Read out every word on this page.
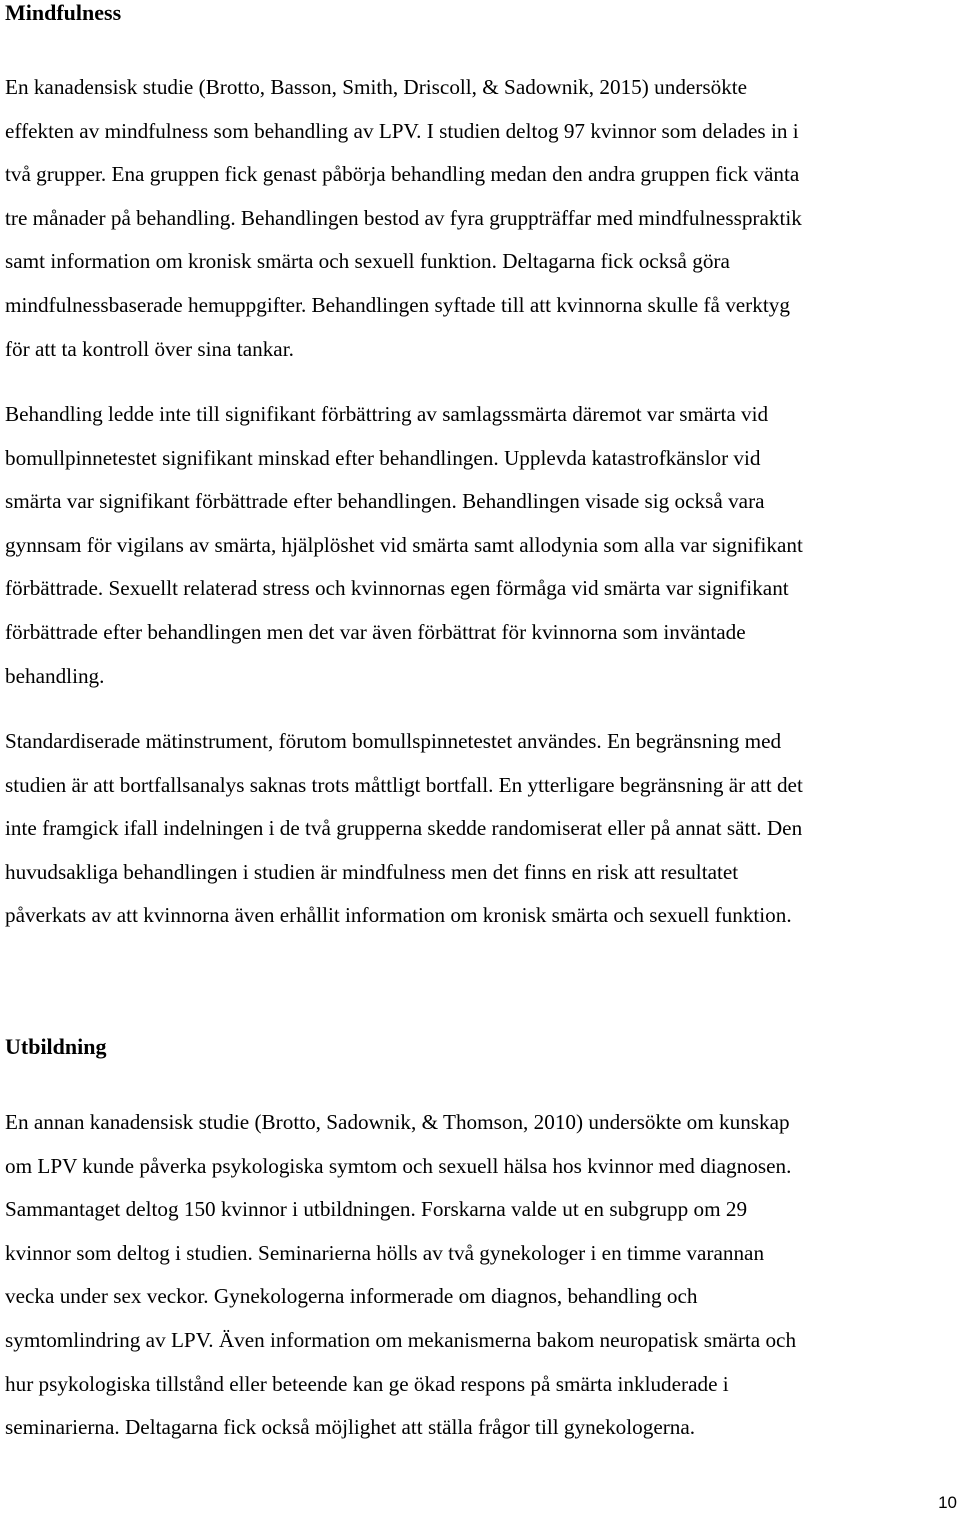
Mindfulness
En kanadensisk studie (Brotto, Basson, Smith, Driscoll, & Sadownik, 2015) undersökte
effekten av mindfulness som behandling av LPV. I studien deltog 97 kvinnor som delades in i
två grupper. Ena gruppen fick genast påbörja behandling medan den andra gruppen fick vänta
tre månader på behandling. Behandlingen bestod av fyra gruppträffar med mindfulnesspraktik
samt information om kronisk smärta och sexuell funktion. Deltagarna fick också göra
mindfulnessbaserade hemuppgifter. Behandlingen syftade till att kvinnorna skulle få verktyg
för att ta kontroll över sina tankar.
Behandling ledde inte till signifikant förbättring av samlagssmärta däremot var smärta vid
bomullpinnetestet signifikant minskad efter behandlingen. Upplevda katastrofkänslor vid
smärta var signifikant förbättrade efter behandlingen. Behandlingen visade sig också vara
gynnsam för vigilans av smärta, hjälplöshet vid smärta samt allodynia som alla var signifikant
förbättrade. Sexuellt relaterad stress och kvinnornas egen förmåga vid smärta var signifikant
förbättrade efter behandlingen men det var även förbättrat för kvinnorna som inväntade
behandling.
Standardiserade mätinstrument, förutom bomullspinnetestet användes. En begränsning med
studien är att bortfallsanalys saknas trots måttligt bortfall. En ytterligare begränsning är att det
inte framgick ifall indelningen i de två grupperna skedde randomiserat eller på annat sätt. Den
huvudsakliga behandlingen i studien är mindfulness men det finns en risk att resultatet
påverkats av att kvinnorna även erhållit information om kronisk smärta och sexuell funktion.
Utbildning
En annan kanadensisk studie (Brotto, Sadownik, & Thomson, 2010) undersökte om kunskap
om LPV kunde påverka psykologiska symtom och sexuell hälsa hos kvinnor med diagnosen.
Sammantaget deltog 150 kvinnor i utbildningen. Forskarna valde ut en subgrupp om 29
kvinnor som deltog i studien. Seminarierna hölls av två gynekologer i en timme varannan
vecka under sex veckor. Gynekologerna informerade om diagnos, behandling och
symtomlindring av LPV. Även information om mekanismerna bakom neuropatisk smärta och
hur psykologiska tillstånd eller beteende kan ge ökad respons på smärta inkluderade i
seminarierna. Deltagarna fick också möjlighet att ställa frågor till gynekologerna.
10
